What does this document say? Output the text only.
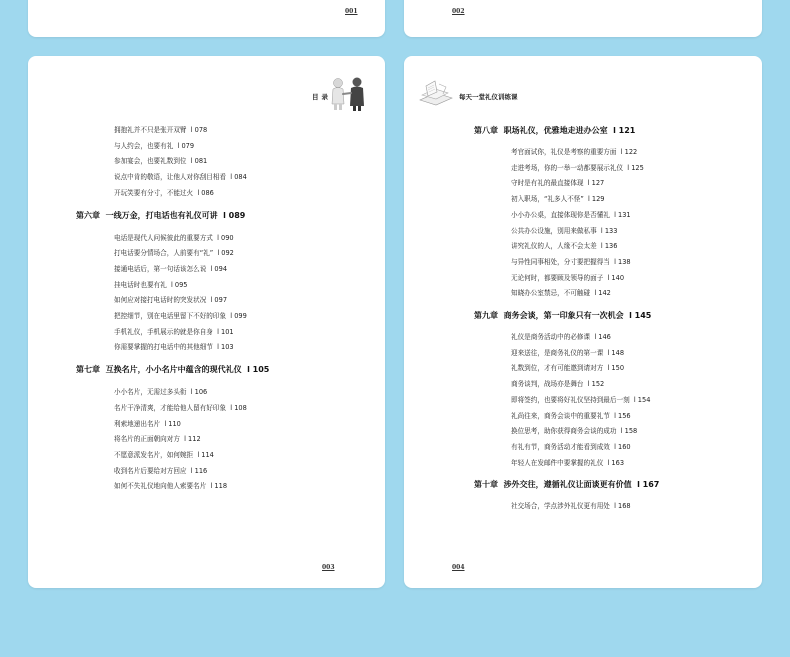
001	002
目录
拥抱礼并不只是张开双臂  l 078
与人约会，也要有礼  l 079
参加宴会，也要礼数到位  l 081
说点中肯的敬语，让他人对你刮目相看  l 084
开玩笑要有分寸，不能过火  l 086
第六章  一线万金，打电话也有礼仪可讲  l 089
电话是现代人问候彼此的重要方式  l 090
打电话要分情场合，人前要有“礼”  l 092
接通电话后，第一句话该怎么说  l 094
挂电话时也要有礼  l 095
如何应对接打电话时的突发状况  l 097
把控细节，别在电话里留下不好的印象  l 099
手机礼仪，手机展示的就是你自身  l 101
你需要掌握的打电话中的其他细节  l 103
第七章  互换名片，小小名片中蕴含的现代礼仪  l 105
小小名片，无需过多头衔  l 106
名片干净清爽，才能给他人留有好印象  l 108
利索地递出名片  l 110
将名片的正面朝向对方  l 112
不愿意派发名片，如何婉拒  l 114
收到名片后要给对方回应  l 116
如何不失礼仪地向他人索要名片  l 118
003
每天一堂礼仪训练课
第八章  职场礼仪，优雅地走进办公室  l 121
考官面试你，礼仪是考察的重要方面  l 122
走进考场，你的一举一动都要展示礼仪  l 125
守时是有礼的最直接体现  l 127
初入职场，“礼多人不怪”  l 129
小小办公桌，直接体现你是否懂礼  l 131
公共办公设施，别用来做私事  l 133
讲究礼仪的人，人缘不会太差  l 136
与异性同事相处，分寸要把握得当  l 138
无论何时，都要顾及领导的面子  l 140
知晓办公室禁忌，不可触碰  l 142
第九章  商务会谈，第一印象只有一次机会  l 145
礼仪是商务活动中的必修课  l 146
迎来送往，是商务礼仪的第一课  l 148
礼数到位，才有可能邀到请对方  l 150
商务谈判，战场亦是舞台  l 152
即将签约，也要将好礼仪坚持到最后一刻  l 154
礼尚往来，商务会谈中的重要礼节  l 156
换位思考，助你获得商务会谈的成功  l 158
有礼有节，商务活动才能看到成效  l 160
年轻人在发邮件中要掌握的礼仪  l 163
第十章  涉外交往，遵循礼仪让面谈更有价值  l 167
社交场合，学点涉外礼仪更有用处  l 168
004
